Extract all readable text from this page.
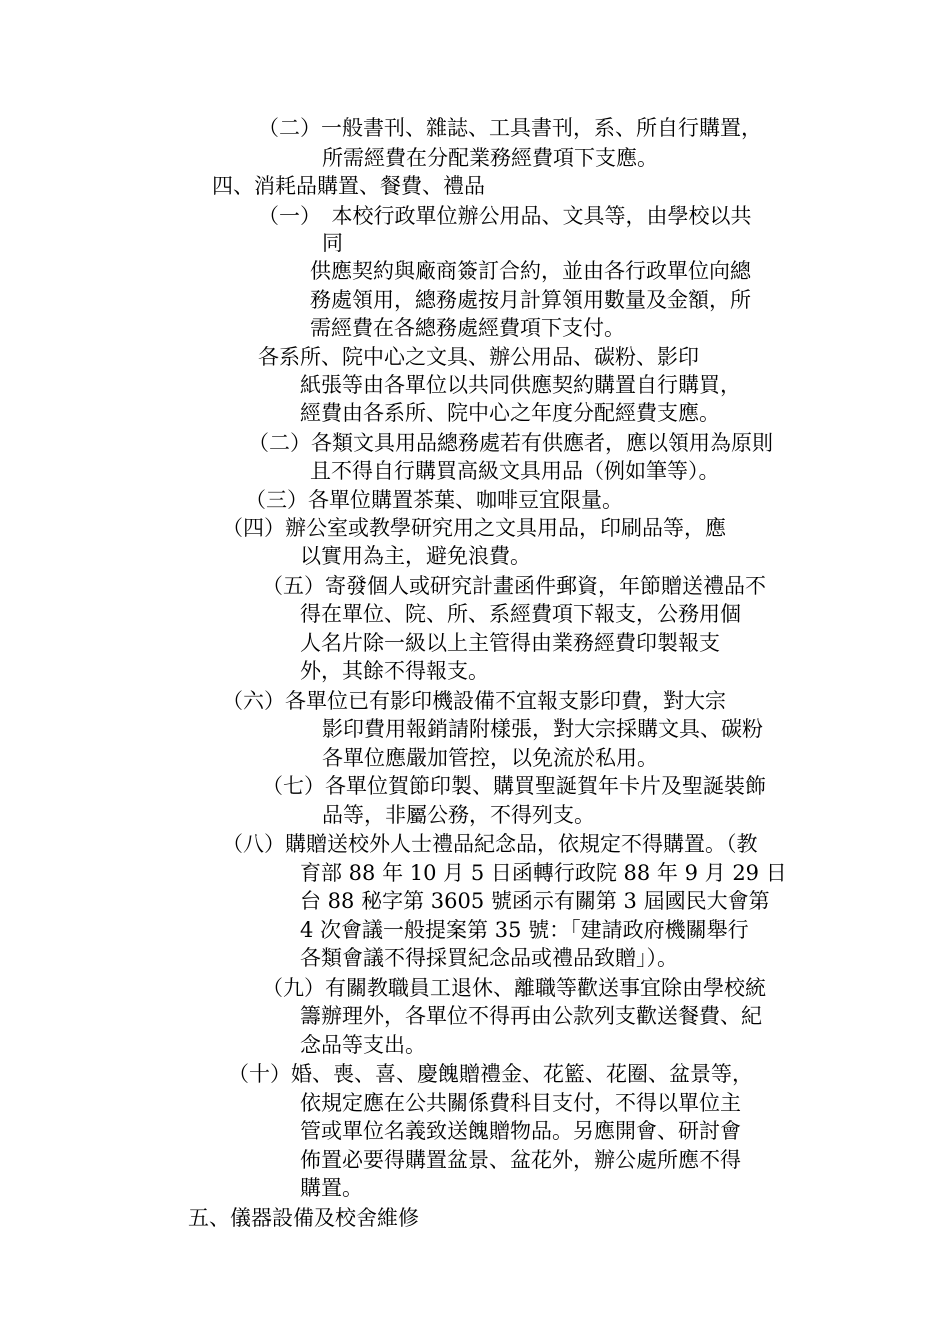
（二）一般書刊、雜誌、工具書刊，系、所自行購置，
所需經費在分配業務經費項下支應。
四、消耗品購置、餐費、禮品
（一）　本校行政單位辦公用品、文具等，由學校以共
同
供應契約與廠商簽訂合約，並由各行政單位向總
務處領用，總務處按月計算領用數量及金額，所
需經費在各總務處經費項下支付。
各系所、院中心之文具、辦公用品、碳粉、影印
紙張等由各單位以共同供應契約購置自行購買，
經費由各系所、院中心之年度分配經費支應。
（二）各類文具用品總務處若有供應者，應以領用為原則
且不得自行購買高級文具用品（例如筆等）。
（三）各單位購置茶葉、咖啡豆宜限量。
（四）辦公室或教學研究用之文具用品，印刷品等，應
以實用為主，避免浪費。
（五）寄發個人或研究計畫函件郵資，年節贈送禮品不
得在單位、院、所、系經費項下報支，公務用個
人名片除一級以上主管得由業務經費印製報支
外，其餘不得報支。
（六）各單位已有影印機設備不宜報支影印費，對大宗
影印費用報銷請附樣張，對大宗採購文具、碳粉
各單位應嚴加管控，以免流於私用。
（七）各單位賀節印製、購買聖誕賀年卡片及聖誕裝飾
品等，非屬公務，不得列支。
（八）購贈送校外人士禮品紀念品，依規定不得購置。（教
育部 88 年 10 月 5 日函轉行政院 88 年 9 月 29 日
台 88 秘字第 3605 號函示有關第 3 屆國民大會第
4 次會議一般提案第 35 號：「建請政府機關舉行
各類會議不得採買紀念品或禮品致贈」）。
（九）有關教職員工退休、離職等歡送事宜除由學校統
籌辦理外，各單位不得再由公款列支歡送餐費、紀
念品等支出。
（十）婚、喪、喜、慶餽贈禮金、花籃、花圈、盆景等，
依規定應在公共關係費科目支付，不得以單位主
管或單位名義致送餽贈物品。另應開會、研討會
佈置必要得購置盆景、盆花外，辦公處所應不得
購置。
五、儀器設備及校舍維修
